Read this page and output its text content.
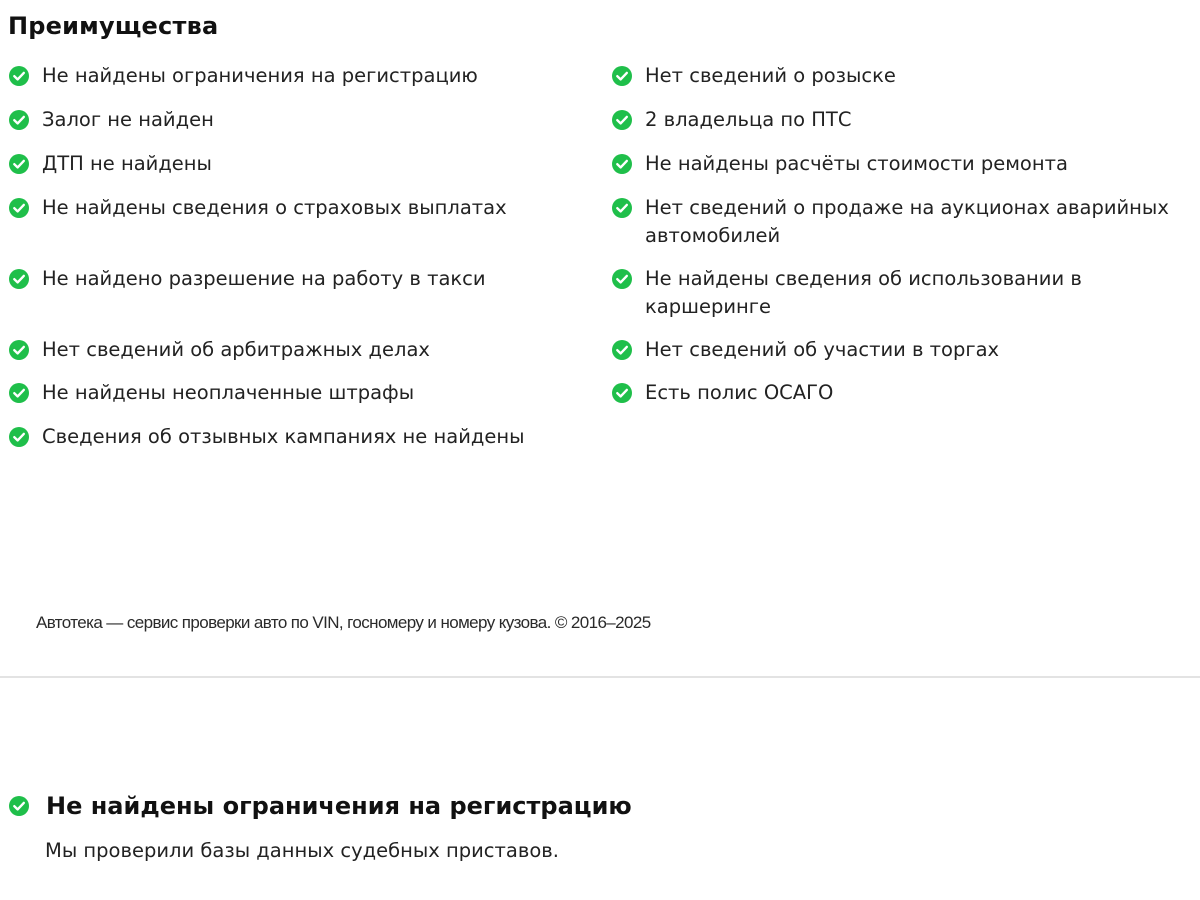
Преимущества
Не найдены ограничения на регистрацию
Залог не найден
ДТП не найдены
Не найдены сведения о страховых выплатах
Не найдено разрешение на работу в такси
Нет сведений об арбитражных делах
Не найдены неоплаченные штрафы
Сведения об отзывных кампаниях не найдены
Нет сведений о розыске
2 владельца по ПТС
Не найдены расчёты стоимости ремонта
Нет сведений о продаже на аукционах аварийных автомобилей
Не найдены сведения об использовании в каршеринге
Нет сведений об участии в торгах
Есть полис ОСАГО
Автотека — сервис проверки авто по VIN, госномеру и номеру кузова. © 2016–2025
Не найдены ограничения на регистрацию
Мы проверили базы данных судебных приставов.
